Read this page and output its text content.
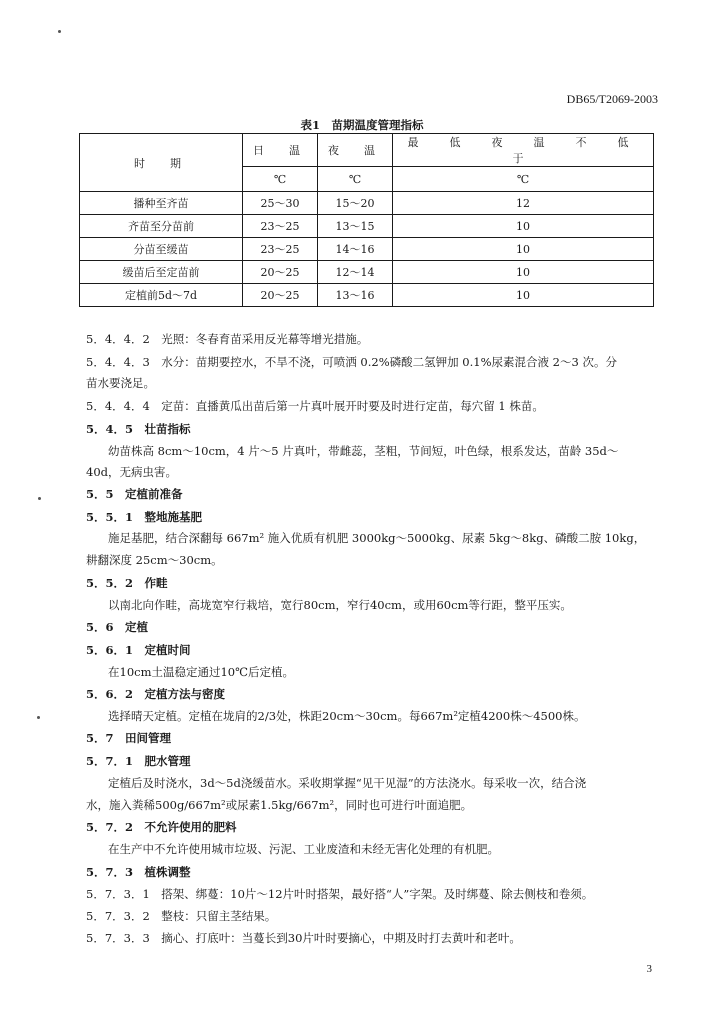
DB65/T2069-2003
表1　苗期温度管理指标
时　期	日　温	夜　温	最　低　夜　温　不　低　于
	℃	℃	℃
播种至齐苗	25～30	15～20	12
齐苗至分苗前	23～25	13～15	10
分苗至缓苗	23～25	14～16	10
缓苗后至定苗前	20～25	12～14	10
定植前5d～7d	20～25	13～16	10
5．4．4．2　光照：冬春育苗采用反光幕等增光措施。
5．4．4．3　水分：苗期要控水，不旱不浇，可喷洒 0.2%磷酸二氢钾加 0.1%尿素混合液 2～3 次。分
苗水要浇足。
5．4．4．4　定苗：直播黄瓜出苗后第一片真叶展开时要及时进行定苗，每穴留 1 株苗。
5．4．5　壮苗指标
幼苗株高 8cm～10cm，4 片～5 片真叶，带雌蕊，茎粗，节间短，叶色绿，根系发达，苗龄 35d～
40d，无病虫害。
5．5　定植前准备
5．5．1　整地施基肥
施足基肥，结合深翻每 667m² 施入优质有机肥 3000kg～5000kg、尿素 5kg～8kg、磷酸二胺 10kg，
耕翻深度 25cm～30cm。
5．5．2　作畦
以南北向作畦，高垅宽窄行栽培，宽行80cm，窄行40cm，或用60cm等行距，整平压实。
5．6　定植
5．6．1　定植时间
在10cm土温稳定通过10℃后定植。
5．6．2　定植方法与密度
选择晴天定植。定植在垅肩的2/3处，株距20cm～30cm。每667m²定植4200株～4500株。
5．7　田间管理
5．7．1　肥水管理
定植后及时浇水，3d～5d浇缓苗水。采收期掌握“见干见湿”的方法浇水。每采收一次，结合浇
水，施入粪稀500g/667m²或尿素1.5kg/667m²，同时也可进行叶面追肥。
5．7．2　不允许使用的肥料
在生产中不允许使用城市垃圾、污泥、工业废渣和未经无害化处理的有机肥。
5．7．3　植株调整
5．7．3．1　搭架、绑蔓：10片～12片叶时搭架，最好搭“人”字架。及时绑蔓、除去侧枝和卷须。
5．7．3．2　整枝：只留主茎结果。
5．7．3．3　摘心、打底叶：当蔓长到30片叶时要摘心，中期及时打去黄叶和老叶。
3
